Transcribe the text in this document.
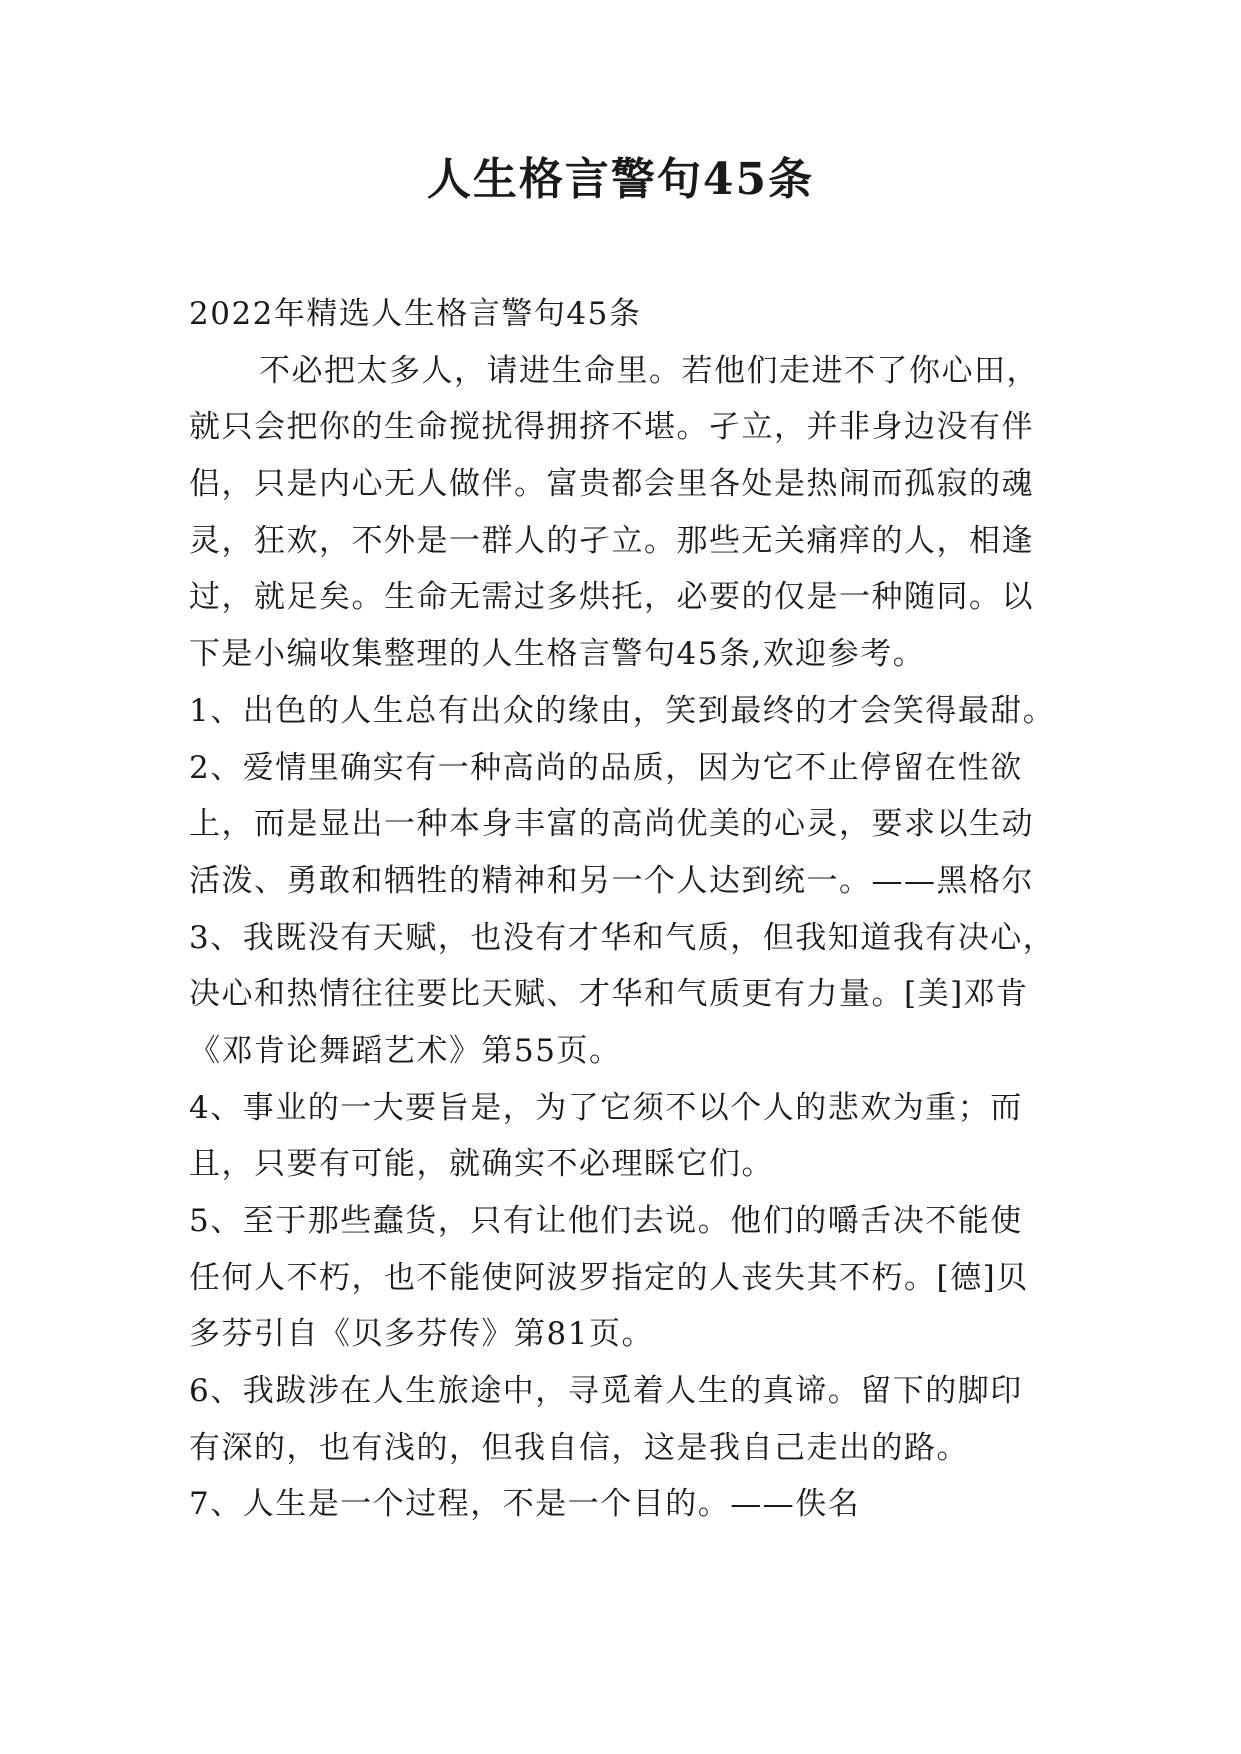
人生格言警句45条
2022年精选人生格言警句45条
不必把太多人，请进生命里。若他们走进不了你心田，
就只会把你的生命搅扰得拥挤不堪。孑立，并非身边没有伴
侣，只是内心无人做伴。富贵都会里各处是热闹而孤寂的魂
灵，狂欢，不外是一群人的孑立。那些无关痛痒的人，相逢
过，就足矣。生命无需过多烘托，必要的仅是一种随同。以
下是小编收集整理的人生格言警句45条,欢迎参考。
1、出色的人生总有出众的缘由，笑到最终的才会笑得最甜。
2、爱情里确实有一种高尚的品质，因为它不止停留在性欲
上，而是显出一种本身丰富的高尚优美的心灵，要求以生动
活泼、勇敢和牺牲的精神和另一个人达到统一。——黑格尔
3、我既没有天赋，也没有才华和气质，但我知道我有决心，
决心和热情往往要比天赋、才华和气质更有力量。[美]邓肯
《邓肯论舞蹈艺术》第55页。
4、事业的一大要旨是，为了它须不以个人的悲欢为重；而
且，只要有可能，就确实不必理睬它们。
5、至于那些蠢货，只有让他们去说。他们的嚼舌决不能使
任何人不朽，也不能使阿波罗指定的人丧失其不朽。[德]贝
多芬引自《贝多芬传》第81页。
6、我跋涉在人生旅途中，寻觅着人生的真谛。留下的脚印
有深的，也有浅的，但我自信，这是我自己走出的路。
7、人生是一个过程，不是一个目的。——佚名
